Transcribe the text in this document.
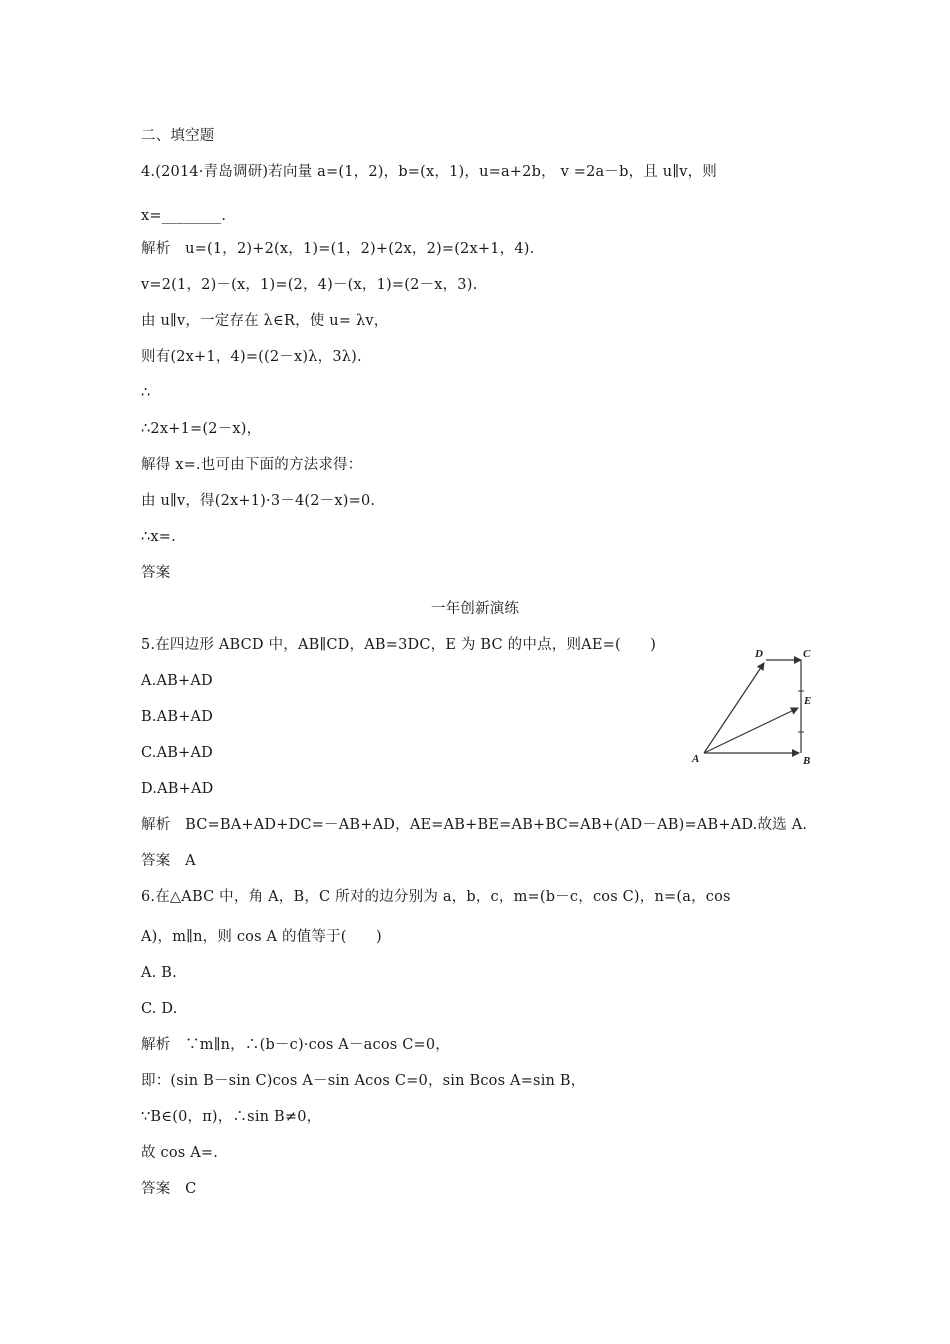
二、填空题
4.(2014·青岛调研)若向量 a=(1，2)，b=(x，1)，u=a+2b， v =2a－b，且 u∥v，则
x=________.
解析　u=(1，2)+2(x，1)=(1，2)+(2x，2)=(2x+1，4).
v=2(1，2)－(x，1)=(2，4)－(x，1)=(2－x，3).
由 u∥v，一定存在 λ∈R，使 u= λv，
则有(2x+1，4)=((2－x)λ，3λ).
∴
∴2x+1=(2－x)，
解得 x=.也可由下面的方法求得：
由 u∥v，得(2x+1)·3－4(2－x)=0.
∴x=.
答案
一年创新演练
5.在四边形 ABCD 中，AB∥CD，AB=3DC，E 为 BC 的中点，则AE=(　　)
A.AB+AD
B.AB+AD
C.AB+AD
D.AB+AD
解析　BC=BA+AD+DC=－AB+AD，AE=AB+BE=AB+BC=AB+(AD－AB)=AB+AD.故选 A.
答案　A
6.在△ABC 中，角 A，B，C 所对的边分别为 a，b，c，m=(b－c，cos C)，n=(a，cos
A)，m∥n，则 cos A 的值等于(　　)
A. B.
C. D.
解析　∵m∥n，∴(b－c)·cos A－acos C=0，
即：(sin B－sin C)cos A－sin Acos C=0，sin Bcos A=sin B，
∵B∈(0，π)，∴sin B≠0，
故 cos A=.
答案　C
D	C
E
A	B
